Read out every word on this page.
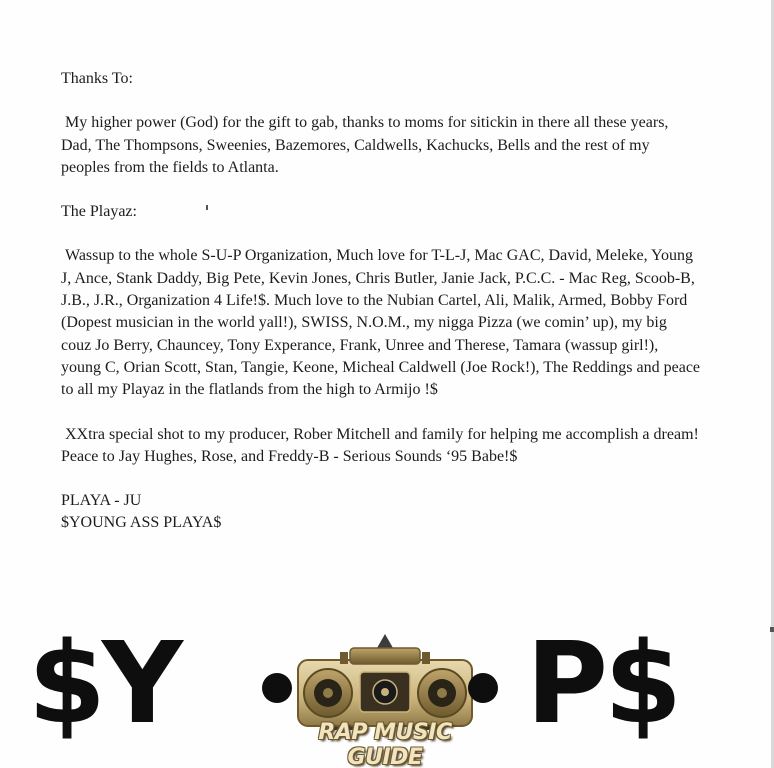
Thanks To:

My higher power (God) for the gift to gab, thanks to moms for sitickin in there all these years, Dad, The Thompsons, Sweenies, Bazemores, Caldwells, Kachucks, Bells and the rest of my peoples from the fields to Atlanta.

The Playaz:

Wassup to the whole S-U-P Organization, Much love for T-L-J, Mac GAC, David, Meleke, Young J, Ance, Stank Daddy, Big Pete, Kevin Jones, Chris Butler, Janie Jack, P.C.C. - Mac Reg, Scoob-B, J.B., J.R., Organization 4 Life!$. Much love to the Nubian Cartel, Ali, Malik, Armed, Bobby Ford (Dopest musician in the world yall!), SWISS, N.O.M., my nigga Pizza (we comin’ up), my big couz Jo Berry, Chauncey, Tony Experance, Frank, Unree and Therese, Tamara (wassup girl!), young C, Orian Scott, Stan, Tangie, Keone, Micheal Caldwell (Joe Rock!), The Reddings and peace to all my Playaz in the flatlands from the high to Armijo !$

XXtra special shot to my producer, Rober Mitchell and family for helping me accomplish a dream! Peace to Jay Hughes, Rose, and Freddy-B - Serious Sounds ‘95 Babe!$

PLAYA - JU

$YOUNG ASS PLAYA$

$Y	RAP MUSIC GUIDE
P$
